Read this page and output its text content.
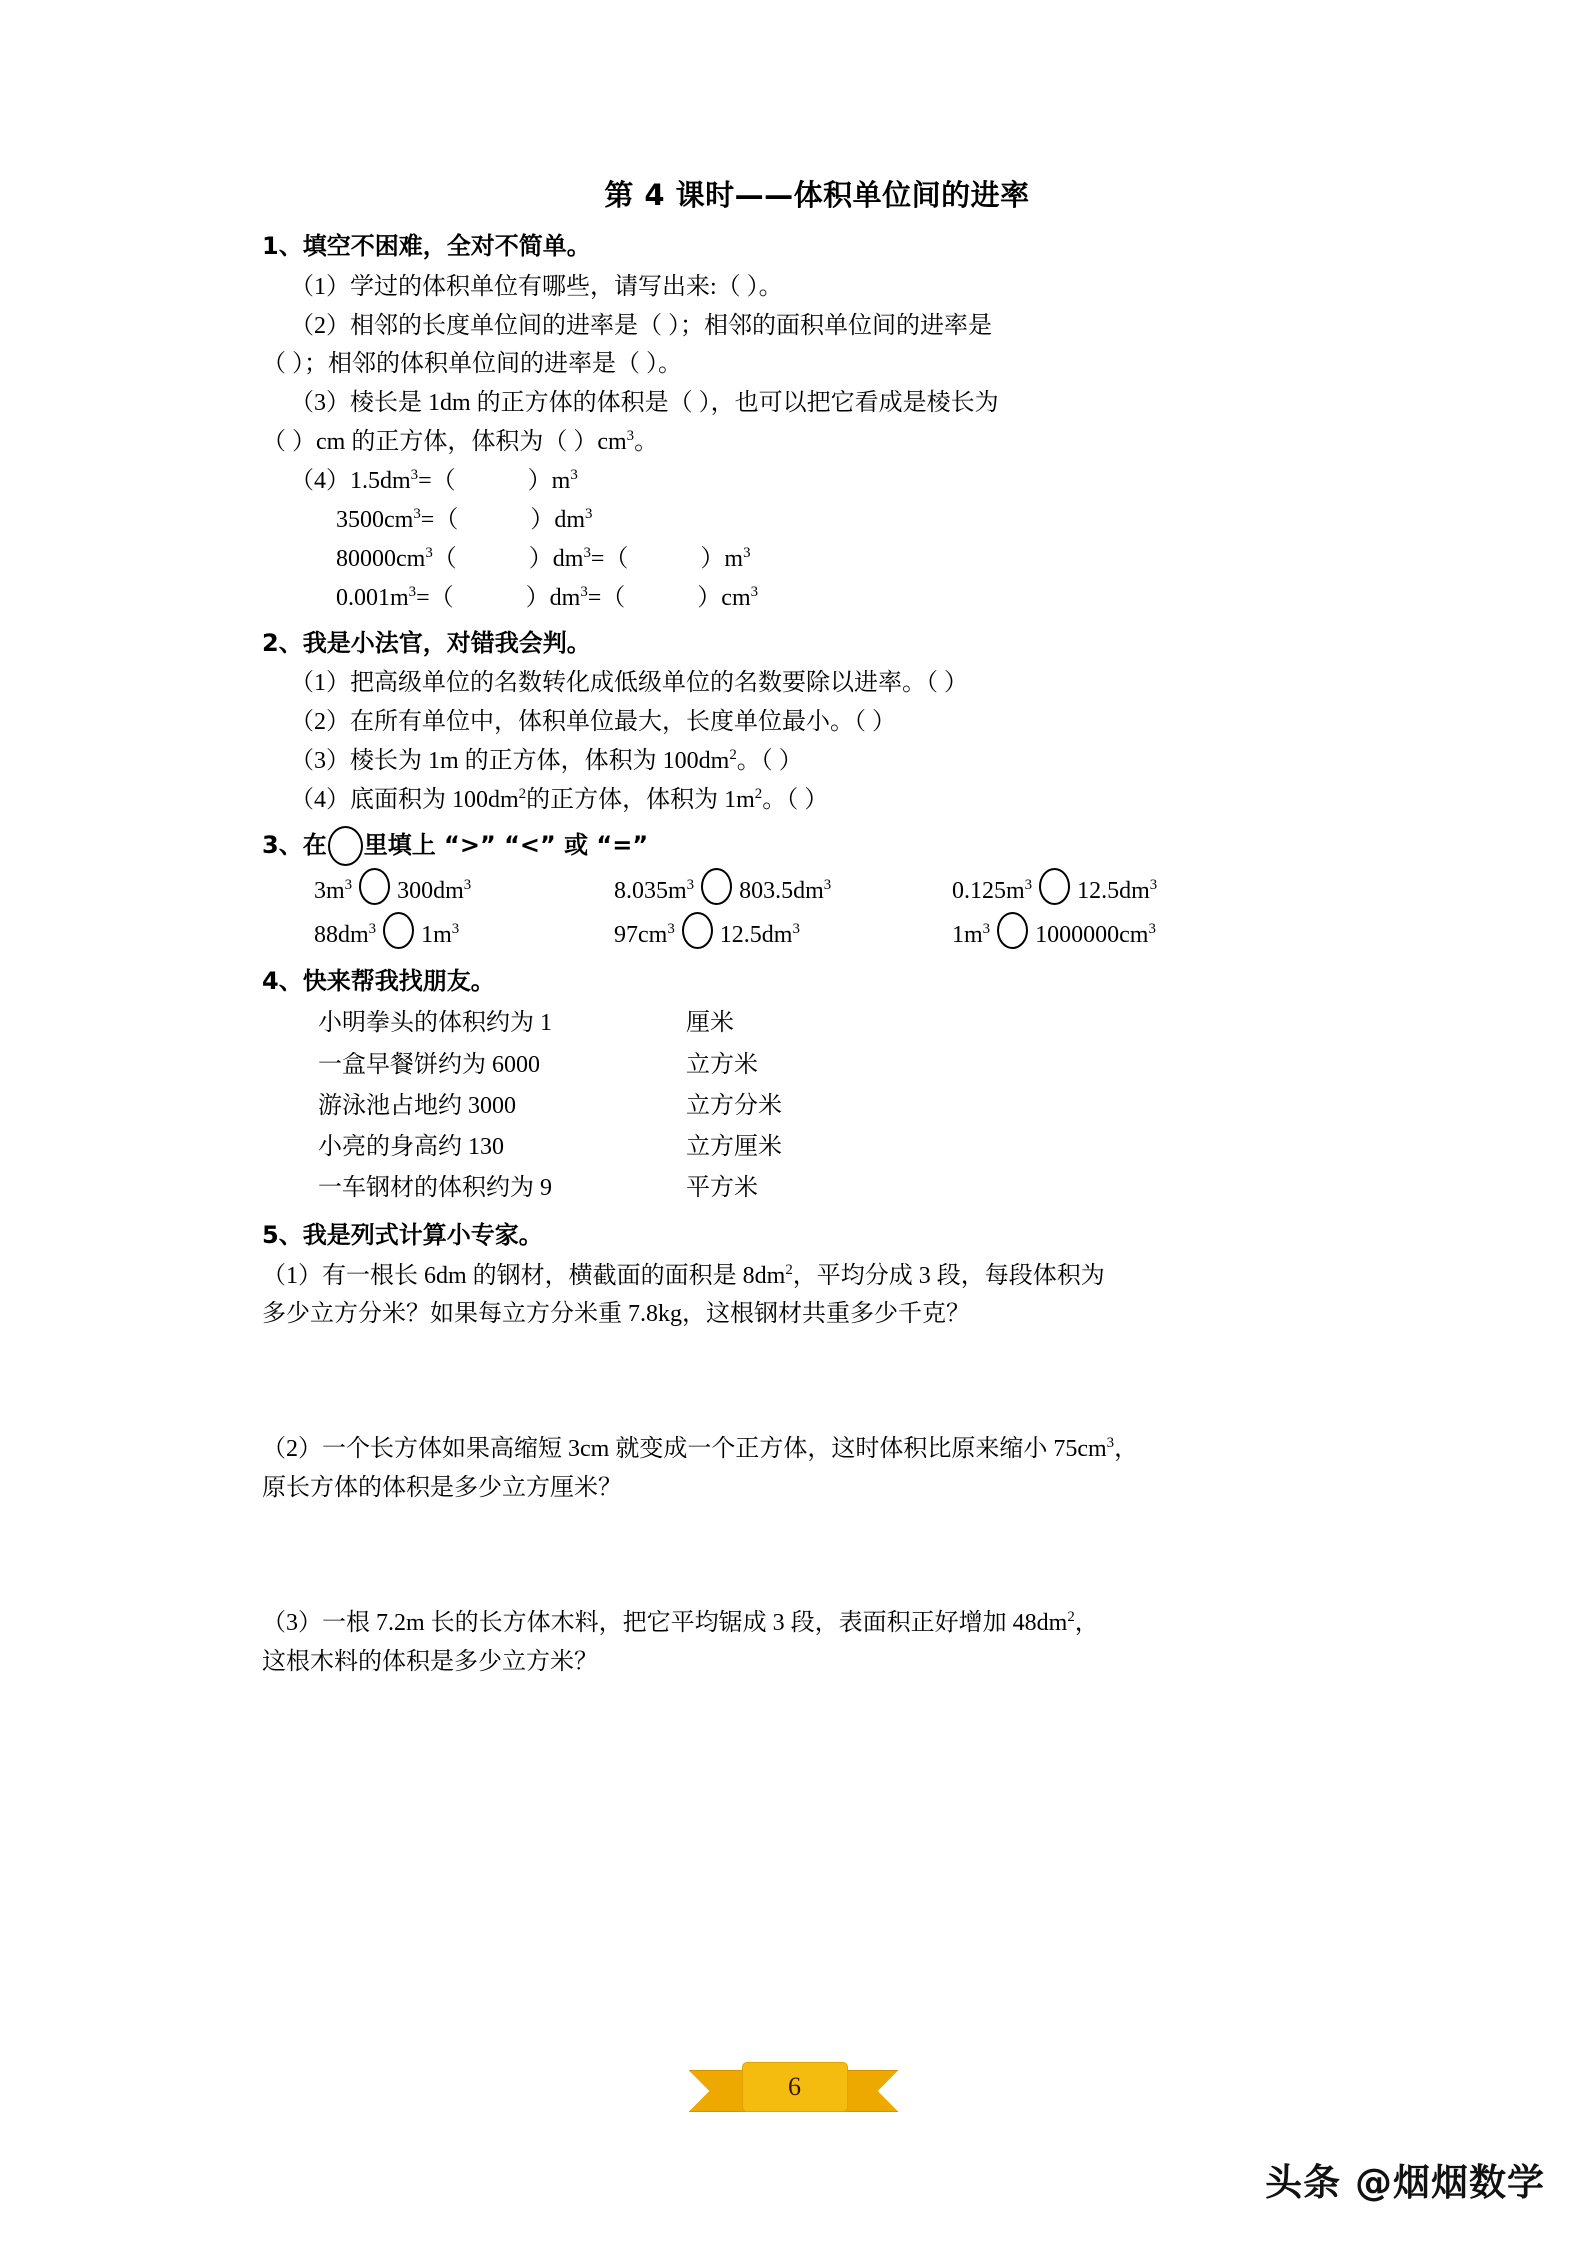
第 4 课时——体积单位间的进率
1、填空不困难，全对不简单。

（1）学过的体积单位有哪些，请写出来:（ ）。

（2）相邻的长度单位间的进率是（ ）；相邻的面积单位间的进率是

（ ）；相邻的体积单位间的进率是（ ）。

（3）棱长是 1dm 的正方体的体积是（ ），也可以把它看成是棱长为

（ ）cm 的正方体，体积为（ ）$cm^3$。

$(4)1.5dm^3=$（            ）$m^3$
$3500cm^3=$（            ）$dm^3$
$80000cm^3$（            ）$dm^3=$（            ）$m^3$
$0.001m^3=$（            ）$dm^3=$（            ）$cm^3$
2、我是小法官，对错我会判。

（1）把高级单位的名数转化成低级单位的名数要除以进率。（ ）

（2）在所有单位中，体积单位最大，长度单位最小。（ ）

（3）棱长为 1m 的正方体，体积为 $100dm^2$。（ ）

（4）底面积为 $100dm^2$的正方体，体积为 $1m^2$。（ ）

3、在 里填上 “>” “<” 或 “=”
$3m^3$ $300dm^3$	$8.035m^3$ $803.5dm^3$	$0.125m^3$ $12.5dm^3$
$88dm^3$ $1m^3$	$97cm^3$ $12.5dm^3$	$1m^3$ $1000000cm^3$
4、快来帮我找朋友。
小明拳头的体积约为 1	厘米
一盒早餐饼约为 6000	立方米
游泳池占地约 3000	立方分米
小亮的身高约 130	立方厘米
一车钢材的体积约为 9	平方米
5、我是列式计算小专家。

（1）有一根长 6dm 的钢材，横截面的面积是 $8dm^2$，平均分成 3 段，每段体积为

多少立方分米？如果每立方分米重 7.8kg，这根钢材共重多少千克？

（2）一个长方体如果高缩短 3cm 就变成一个正方体，这时体积比原来缩小 $75cm^3$，

原长方体的体积是多少立方厘米？

（3）一根 7.2m 长的长方体木料，把它平均锯成 3 段，表面积正好增加 $48dm^2$，

这根木料的体积是多少立方米？

6
头条 @烟烟数学
